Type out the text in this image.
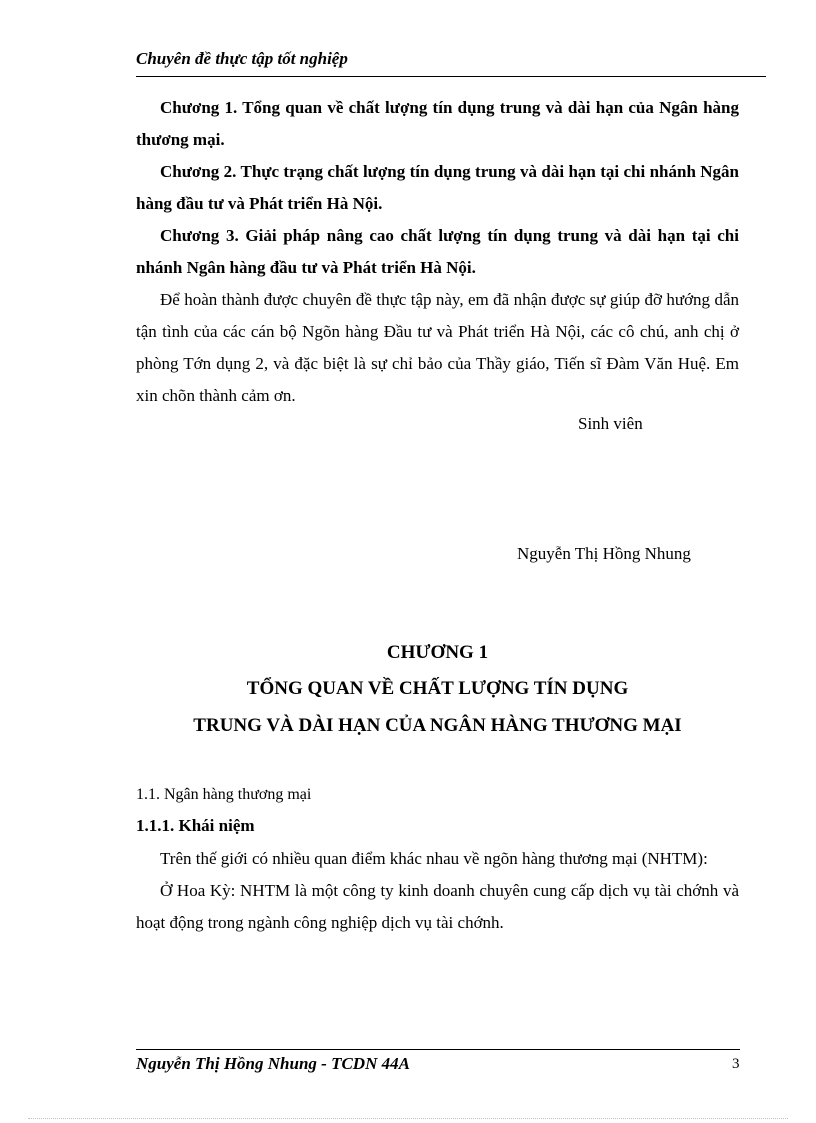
Chuyên đề thực tập tốt nghiệp

Chương 1. Tổng quan về chất lượng tín dụng trung và dài hạn của Ngân hàng thương mại.

Chương 2. Thực trạng chất lượng tín dụng trung và dài hạn tại chi nhánh Ngân hàng đầu tư và Phát triển Hà Nội.

Chương 3. Giải pháp nâng cao chất lượng tín dụng trung và dài hạn tại chi nhánh Ngân hàng đầu tư và Phát triển Hà Nội.

Để hoàn thành được chuyên đề thực tập này, em đã nhận được sự giúp đỡ hướng dẫn tận tình của các cán bộ Ngõn hàng Đầu tư và Phát triển Hà Nội, các cô chú, anh chị ở phòng Tớn dụng 2, và đặc biệt là sự chỉ bảo của Thầy giáo, Tiến sĩ Đàm Văn Huệ. Em xin chõn thành cảm ơn.

Sinh viên
Nguyễn Thị Hồng Nhung
CHƯƠNG 1
TỔNG QUAN VỀ CHẤT LƯỢNG TÍN DỤNG
TRUNG VÀ DÀI HẠN CỦA NGÂN HÀNG THƯƠNG MẠI
1.1. Ngân hàng thương mại
1.1.1. Khái niệm

Trên thế giới có nhiều quan điểm khác nhau về ngõn hàng thương mại (NHTM):

Ở Hoa Kỳ: NHTM là một công ty kinh doanh chuyên cung cấp dịch vụ tài chớnh và hoạt động trong ngành công nghiệp dịch vụ tài chớnh.

Nguyễn Thị Hồng Nhung - TCDN 44A	3
